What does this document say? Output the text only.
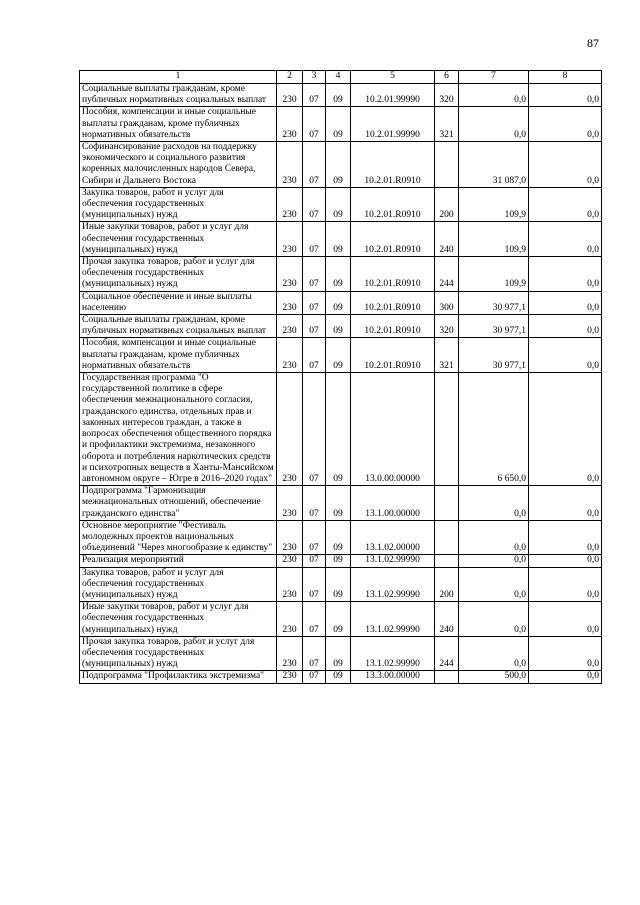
87
1	2	3	4	5	6	7	8
Социальные выплаты гражданам, кроме публичных нормативных социальных выплат	230	07	09	10.2.01.99990	320	0,0	0,0
Пособия, компенсации и иные социальные выплаты гражданам, кроме публичных нормативных обязательств	230	07	09	10.2.01.99990	321	0,0	0,0
Софинансирование расходов на поддержку экономического и социального развития коренных малочисленных народов Севера, Сибири и Дальнего Востока	230	07	09	10.2.01.R0910		31 087,0	0,0
Закупка товаров, работ и услуг для обеспечения государственных (муниципальных) нужд	230	07	09	10.2.01.R0910	200	109,9	0,0
Иные закупки товаров, работ и услуг для обеспечения государственных (муниципальных) нужд	230	07	09	10.2.01.R0910	240	109,9	0,0
Прочая закупка товаров, работ и услуг для обеспечения государственных (муниципальных) нужд	230	07	09	10.2.01.R0910	244	109,9	0,0
Социальное обеспечение и иные выплаты населению	230	07	09	10.2.01.R0910	300	30 977,1	0,0
Социальные выплаты гражданам, кроме публичных нормативных социальных выплат	230	07	09	10.2.01.R0910	320	30 977,1	0,0
Пособия, компенсации и иные социальные выплаты гражданам, кроме публичных нормативных обязательств	230	07	09	10.2.01.R0910	321	30 977,1	0,0
Государственная программа "О государственной политике в сфере обеспечения межнационального согласия, гражданского единства, отдельных прав и законных интересов граждан, а также в вопросах обеспечения общественного порядка и профилактики экстремизма, незаконного оборота и потребления наркотических средств и психотропных веществ в Ханты-Мансийском автономном округе – Югре в 2016–2020 годах"	230	07	09	13.0.00.00000		6 650,0	0,0
Подпрограмма "Гармонизация межнациональных отношений, обеспечение гражданского единства"	230	07	09	13.1.00.00000		0,0	0,0
Основное мероприятие "Фестиваль молодежных проектов национальных объединений "Через многообразие к единству"	230	07	09	13.1.02.00000		0,0	0,0
Реализация мероприятий	230	07	09	13.1.02.99990		0,0	0,0
Закупка товаров, работ и услуг для обеспечения государственных (муниципальных) нужд	230	07	09	13.1.02.99990	200	0,0	0,0
Иные закупки товаров, работ и услуг для обеспечения государственных (муниципальных) нужд	230	07	09	13.1.02.99990	240	0,0	0,0
Прочая закупка товаров, работ и услуг для обеспечения государственных (муниципальных) нужд	230	07	09	13.1.02.99990	244	0,0	0,0
Подпрограмма "Профилактика экстремизма"	230	07	09	13.3.00.00000		500,0	0,0
